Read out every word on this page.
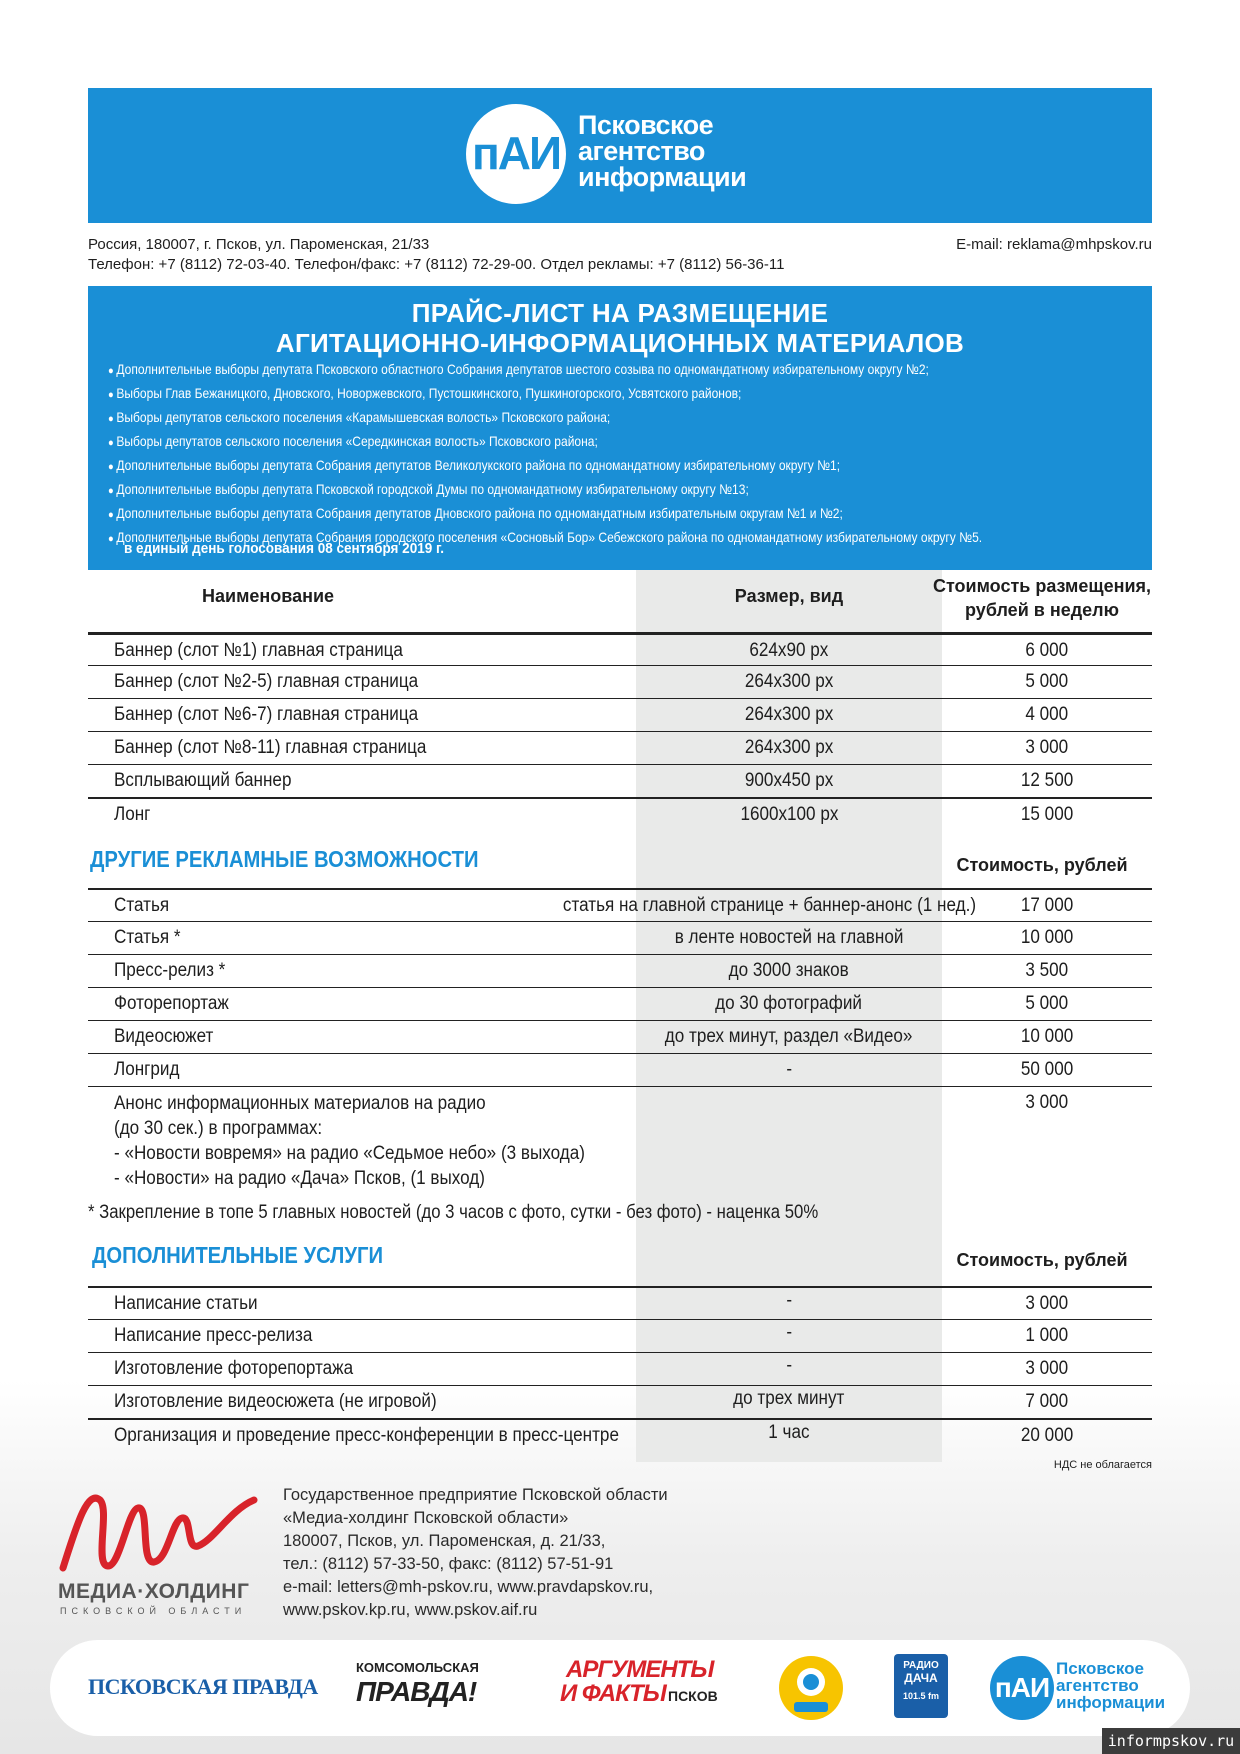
пАИ
Псковское
агентство
информации
Россия, 180007, г. Псков, ул. Пароменская, 21/33
Телефон: +7 (8112) 72-03-40. Телефон/факс: +7 (8112) 72-29-00. Отдел рекламы: +7 (8112) 56-36-11
E-mail: reklama@mhpskov.ru
ПРАЙС-ЛИСТ НА РАЗМЕЩЕНИЕ
АГИТАЦИОННО-ИНФОРМАЦИОННЫХ МАТЕРИАЛОВ
● Дополнительные выборы депутата Псковского областного Собрания депутатов шестого созыва по одномандатному избирательному округу №2;
● Выборы Глав Бежаницкого, Дновского, Новоржевского, Пустошкинского, Пушкиногорского, Усвятского районов;
● Выборы депутатов сельского поселения «Карамышевская волость» Псковского района;
● Выборы депутатов сельского поселения «Середкинская волость» Псковского района;
● Дополнительные выборы депутата Собрания депутатов Великолукского района по одномандатному избирательному округу №1;
● Дополнительные выборы депутата Псковской городской Думы по одномандатному избирательному округу №13;
● Дополнительные выборы депутата Собрания депутатов Дновского района по одномандатным избирательным округам №1 и №2;
● Дополнительные выборы депутата Собрания городского поселения «Сосновый Бор» Себежского района по одномандатному избирательному округу №5.
в единый день голосования 08 сентября 2019 г.
Наименование	Размер, вид	Стоимость размещения,
рублей в неделю
Баннер (слот №1) главная страница	624х90 px	6 000
Баннер (слот №2-5) главная страница	264х300 px	5 000
Баннер (слот №6-7) главная страница	264х300 px	4 000
Баннер (слот №8-11) главная страница	264х300 px	3 000
Всплывающий баннер	900х450 px	12 500
Лонг	1600х100 px	15 000
ДРУГИЕ РЕКЛАМНЫЕ ВОЗМОЖНОСТИ	Стоимость, рублей
Статья	статья на главной странице + баннер-анонс (1 нед.)	17 000
Статья *	в ленте новостей на главной	10 000
Пресс-релиз *	до 3000 знаков	3 500
Фоторепортаж	до 30 фотографий	5 000
Видеосюжет	до трех минут, раздел «Видео»	10 000
Лонгрид	-	50 000
Анонс информационных материалов на радио
(до 30 сек.) в программах:
- «Новости вовремя» на радио «Седьмое небо» (3 выхода)
- «Новости» на радио «Дача» Псков, (1 выход)
3 000
* Закрепление в топе 5 главных новостей (до 3 часов с фото, сутки - без фото) - наценка 50%
ДОПОЛНИТЕЛЬНЫЕ УСЛУГИ	Стоимость, рублей
Написание статьи	-	3 000
Написание пресс-релиза	-	1 000
Изготовление фоторепортажа	-	3 000
Изготовление видеосюжета (не игровой)	до трех минут	7 000
Организация и проведение пресс-конференции в пресс-центре	1 час	20 000
НДС не облагается
МЕДИА·ХОЛДИНГ
ПСКОВСКОЙ ОБЛАСТИ
Государственное предприятие Псковской области
«Медиа-холдинг Псковской области»
180007, Псков, ул. Пароменская, д. 21/33,
тел.: (8112) 57-33-50, факс: (8112) 57-51-91
e-mail: letters@mh-pskov.ru, www.pravdapskov.ru,
www.pskov.kp.ru, www.pskov.aif.ru
ПСКОВСКАЯ ПРАВДА
КОМСОМОЛЬСКАЯ
ПРАВДА!
АРГУМЕНТЫ
И ФАКТЫ ПСКОВ
РАДИО
ДАЧА
101.5 fm	пАИ
Псковское
агентство
информации
informpskov.ru
